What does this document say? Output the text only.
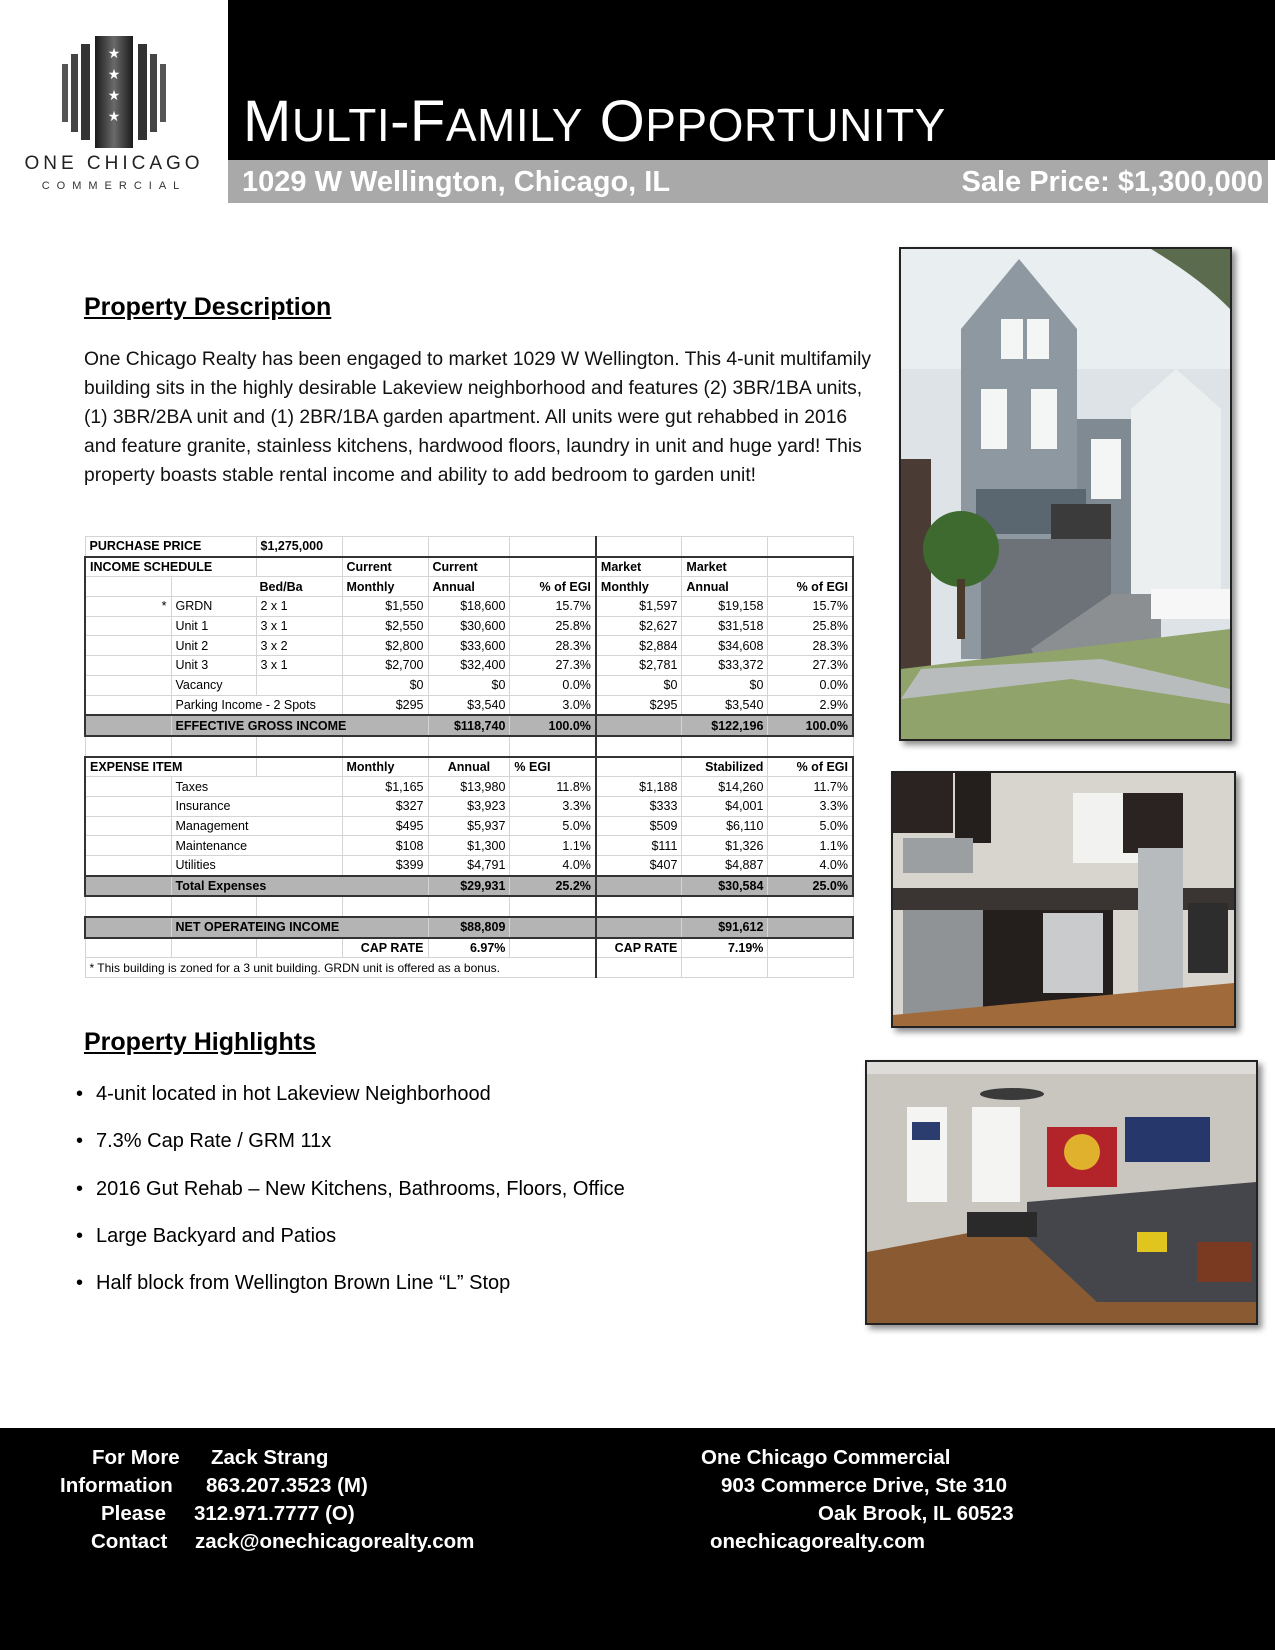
★
★
★
★
ONE CHICAGO
COMMERCIAL
MULTI-FAMILY OPPORTUNITY
1029 W Wellington, Chicago, IL	Sale Price: $1,300,000
Property Description
One Chicago Realty has been engaged to market 1029 W Wellington. This 4-unit multifamily building sits in the highly desirable Lakeview neighborhood and features (2) 3BR/1BA units, (1) 3BR/2BA unit and (1) 2BR/1BA garden apartment. All units were gut rehabbed in 2016 and feature granite, stainless kitchens, hardwood floors, laundry in unit and huge yard! This property boasts stable rental income and ability to add bedroom to garden unit!
PURCHASE PRICE		$1,275,000						
INCOME SCHEDULE			Current	Current		Market	Market	
	Bed/Ba		Monthly	Annual	% of EGI	Monthly	Annual	% of EGI
*	GRDN	2 x 1	$1,550	$18,600	15.7%	$1,597	$19,158	15.7%
	Unit 1	3 x 1	$2,550	$30,600	25.8%	$2,627	$31,518	25.8%
	Unit 2	3 x 2	$2,800	$33,600	28.3%	$2,884	$34,608	28.3%
	Unit 3	3 x 1	$2,700	$32,400	27.3%	$2,781	$33,372	27.3%
	Vacancy		$0	$0	0.0%	$0	$0	0.0%
	Parking Income - 2 Spots		$295	$3,540	3.0%	$295	$3,540	2.9%
	EFFECTIVE GROSS INCOME			$118,740	100.0%		$122,196	100.0%

EXPENSE ITEM			Monthly	Annual	% EGI		Stabilized	% of EGI
	Taxes		$1,165	$13,980	11.8%	$1,188	$14,260	11.7%
	Insurance		$327	$3,923	3.3%	$333	$4,001	3.3%
	Management		$495	$5,937	5.0%	$509	$6,110	5.0%
	Maintenance		$108	$1,300	1.1%	$111	$1,326	1.1%
	Utilities		$399	$4,791	4.0%	$407	$4,887	4.0%
	Total Expenses			$29,931	25.2%		$30,584	25.0%

	NET OPERATEING INCOME			$88,809			$91,612	
			CAP RATE	6.97%		CAP RATE	7.19%	
* This building is zoned for a 3 unit building. GRDN unit is offered as a bonus.								
Property Highlights
• 4-unit located in hot Lakeview Neighborhood
• 7.3% Cap Rate / GRM 11x
• 2016 Gut Rehab – New Kitchens, Bathrooms, Floors, Office
• Large Backyard and Patios
• Half block from Wellington Brown Line “L” Stop
For More
Information
Please
Contact
Zack Strang
863.207.3523 (M)
312.971.7777 (O)
zack@onechicagorealty.com
One Chicago Commercial
903 Commerce Drive, Ste 310
Oak Brook, IL 60523
onechicagorealty.com
